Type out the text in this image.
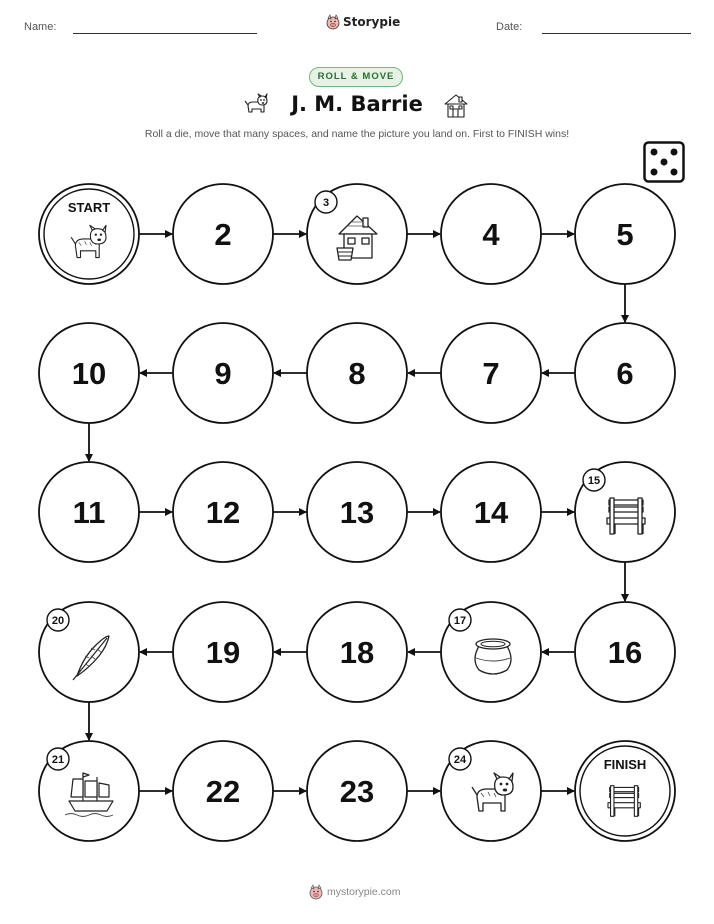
Name:	Storypie	Date:
ROLL & MOVE
J. M. Barrie
Roll a die, move that many spaces, and name the picture you land on. First to FINISH wins!
START
2
3
4	5
6
7
8
9
10
11	12	13	14
15
16
17
18
19
20
21
22	23
24	FINISH
mystorypie.com
